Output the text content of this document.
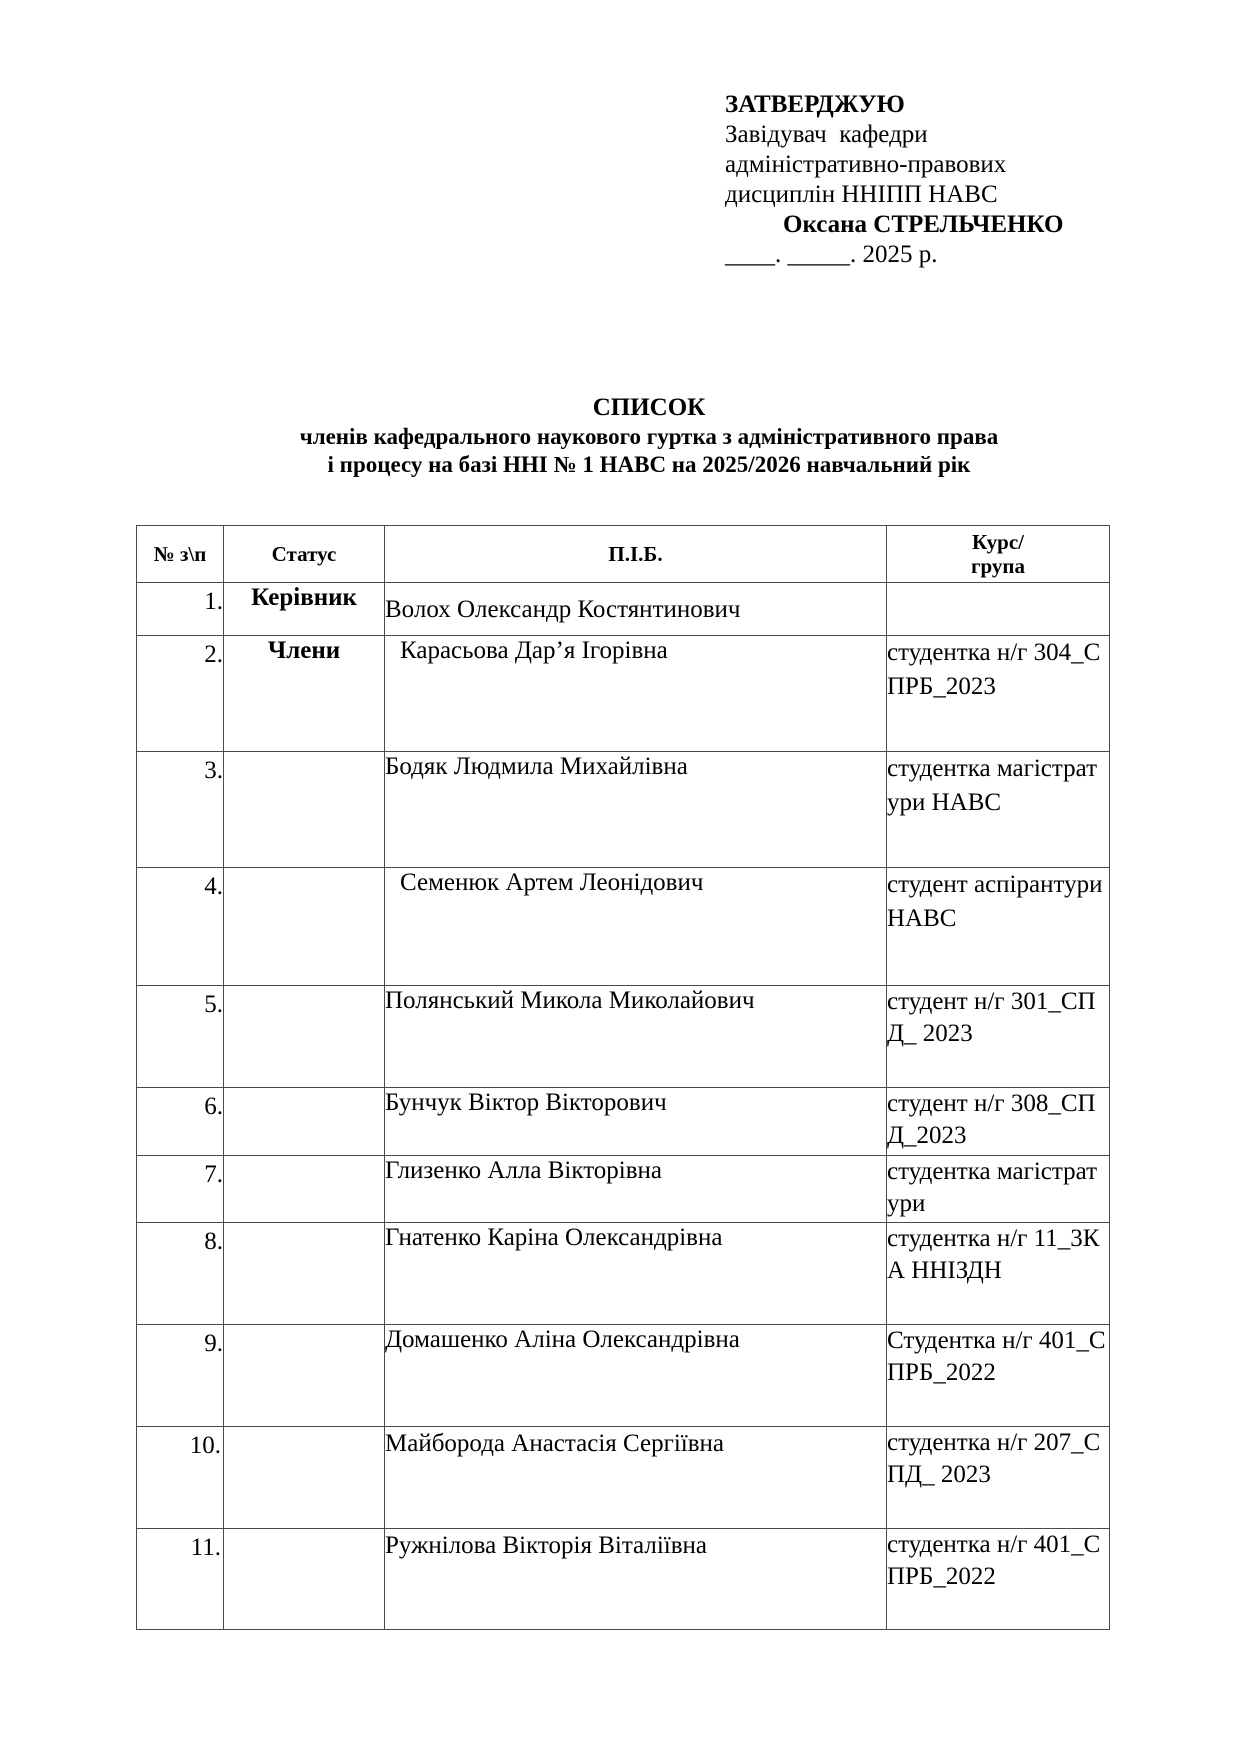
ЗАТВЕРДЖУЮ
Завідувач  кафедри
адміністративно-правових
дисциплін ННІПП НАВС
Оксана СТРЕЛЬЧЕНКО
____. _____. 2025 р.
СПИСОК
членів кафедрального наукового гуртка з адміністративного права
і процесу на базі ННІ № 1 НАВС на 2025/2026 навчальний рік
№ з\п	Статус	П.І.Б.	Курс/
група

1.	Керівник	Волох Олександр Костянтинович	
2.	Члени	Карасьова Дар’я Ігорівна	студентка н/г 304_СПРБ_2023
3.		Бодяк Людмила Михайлівна	студентка магістратури НАВС
4.		Семенюк Артем Леонідович	студент аспірантури НАВС
5.		Полянський Микола Миколайович	студент н/г 301_СПД_ 2023
6.		Бунчук Віктор Вікторович	студент н/г 308_СПД_2023
7.		Глизенко Алла Вікторівна	студентка магістратури
8.		Гнатенко Каріна Олександрівна	студентка н/г 11_3КА ННІЗДН
9.		Домашенко Аліна Олександрівна	Студентка н/г 401_СПРБ_2022
10.		Майборода Анастасія Сергіївна	студентка н/г 207_СПД_ 2023
11.		Ружнілова Вікторія Віталіївна	студентка н/г 401_СПРБ_2022
